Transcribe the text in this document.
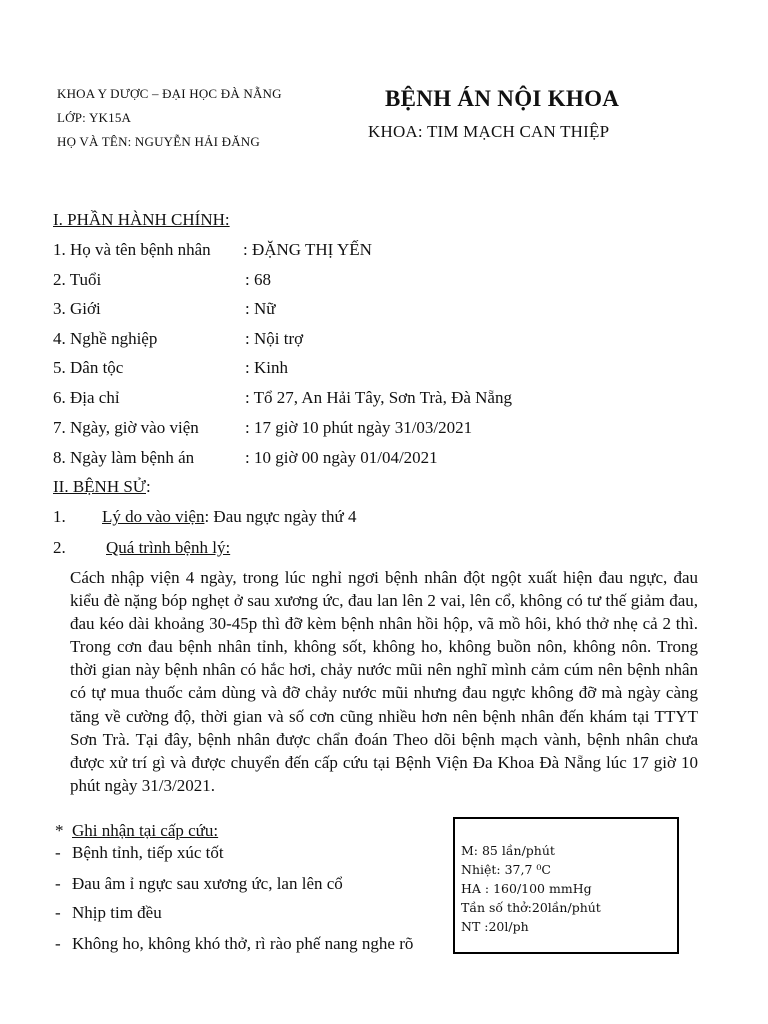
KHOA Y DƯỢC – ĐẠI HỌC ĐÀ NẴNG
LỚP: YK15A
HỌ VÀ TÊN: NGUYỄN HẢI ĐĂNG
BỆNH ÁN NỘI KHOA
KHOA: TIM MẠCH CAN THIỆP
I. PHẦN HÀNH CHÍNH:
1. Họ và tên bệnh nhân : ĐẶNG THỊ YẾN
2. Tuổi	: 68
3. Giới	: Nữ
4. Nghề nghiệp	: Nội trợ
5. Dân tộc	: Kinh
6. Địa chỉ	: Tổ 27, An Hải Tây, Sơn Trà, Đà Nẵng
7. Ngày, giờ vào viện	: 17 giờ 10 phút ngày 31/03/2021
8. Ngày làm bệnh án	: 10 giờ 00 ngày 01/04/2021
II. BỆNH SỬ:
1. Lý do vào viện: Đau ngực ngày thứ 4
2. Quá trình bệnh lý:
Cách nhập viện 4 ngày, trong lúc nghỉ ngơi bệnh nhân đột ngột xuất hiện đau ngực, đau kiểu đè nặng bóp nghẹt ở sau xương ức, đau lan lên 2 vai, lên cổ, không có tư thế giảm đau, đau kéo dài khoảng 30-45p thì đỡ kèm bệnh nhân hồi hộp, vã mồ hôi, khó thở nhẹ cả 2 thì. Trong cơn đau bệnh nhân tỉnh, không sốt, không ho, không buồn nôn, không nôn. Trong thời gian này bệnh nhân có hắc hơi, chảy nước mũi nên nghĩ mình cảm cúm nên bệnh nhân có tự mua thuốc cảm dùng và đỡ chảy nước mũi nhưng đau ngực không đỡ mà ngày càng tăng về cường độ, thời gian và số cơn cũng nhiều hơn nên bệnh nhân đến khám tại TTYT Sơn Trà. Tại đây, bệnh nhân được chẩn đoán Theo dõi bệnh mạch vành, bệnh nhân chưa được xử trí gì và được chuyển đến cấp cứu tại Bệnh Viện Đa Khoa Đà Nẵng lúc 17 giờ 10 phút ngày 31/3/2021.
* Ghi nhận tại cấp cứu:
- Bệnh tỉnh, tiếp xúc tốt
- Đau âm ỉ ngực sau xương ức, lan lên cổ
- Nhịp tim đều
- Không ho, không khó thở, rì rào phế nang nghe rõ
M: 85 lần/phút
Nhiệt: 37,7 ⁰C
HA : 160/100 mmHg
Tần số thở:20lần/phút
NT :20l/ph
